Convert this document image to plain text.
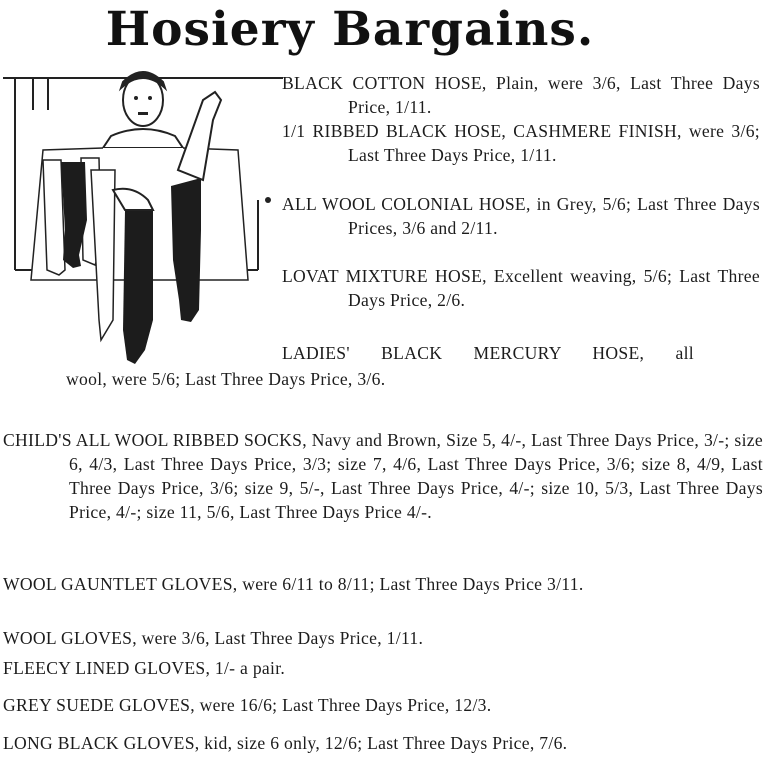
Hosiery Bargains.

BLACK COTTON HOSE, Plain, were 3/6, Last Three Days Price, 1/11.

1/1 RIBBED BLACK HOSE, CASHMERE FINISH, were 3/6; Last Three Days Price, 1/11.

ALL WOOL COLONIAL HOSE, in Grey, 5/6; Last Three Days Prices, 3/6 and 2/11.

LOVAT MIXTURE HOSE, Excellent weaving, 5/6; Last Three Days Price, 2/6.

LADIES' BLACK MERCURY HOSE, all

wool, were 5/6; Last Three Days Price, 3/6.

CHILD'S ALL WOOL RIBBED SOCKS, Navy and Brown, Size 5, 4/-, Last Three Days Price, 3/-; size 6, 4/3, Last Three Days Price, 3/3; size 7, 4/6, Last Three Days Price, 3/6; size 8, 4/9, Last Three Days Price, 3/6; size 9, 5/-, Last Three Days Price, 4/-; size 10, 5/3, Last Three Days Price, 4/-; size 11, 5/6, Last Three Days Price 4/-.

WOOL GAUNTLET GLOVES, were 6/11 to 8/11; Last Three Days Price 3/11.

WOOL GLOVES, were 3/6, Last Three Days Price, 1/11.

FLEECY LINED GLOVES, 1/- a pair.

GREY SUEDE GLOVES, were 16/6; Last Three Days Price, 12/3.

LONG BLACK GLOVES, kid, size 6 only, 12/6; Last Three Days Price, 7/6.
